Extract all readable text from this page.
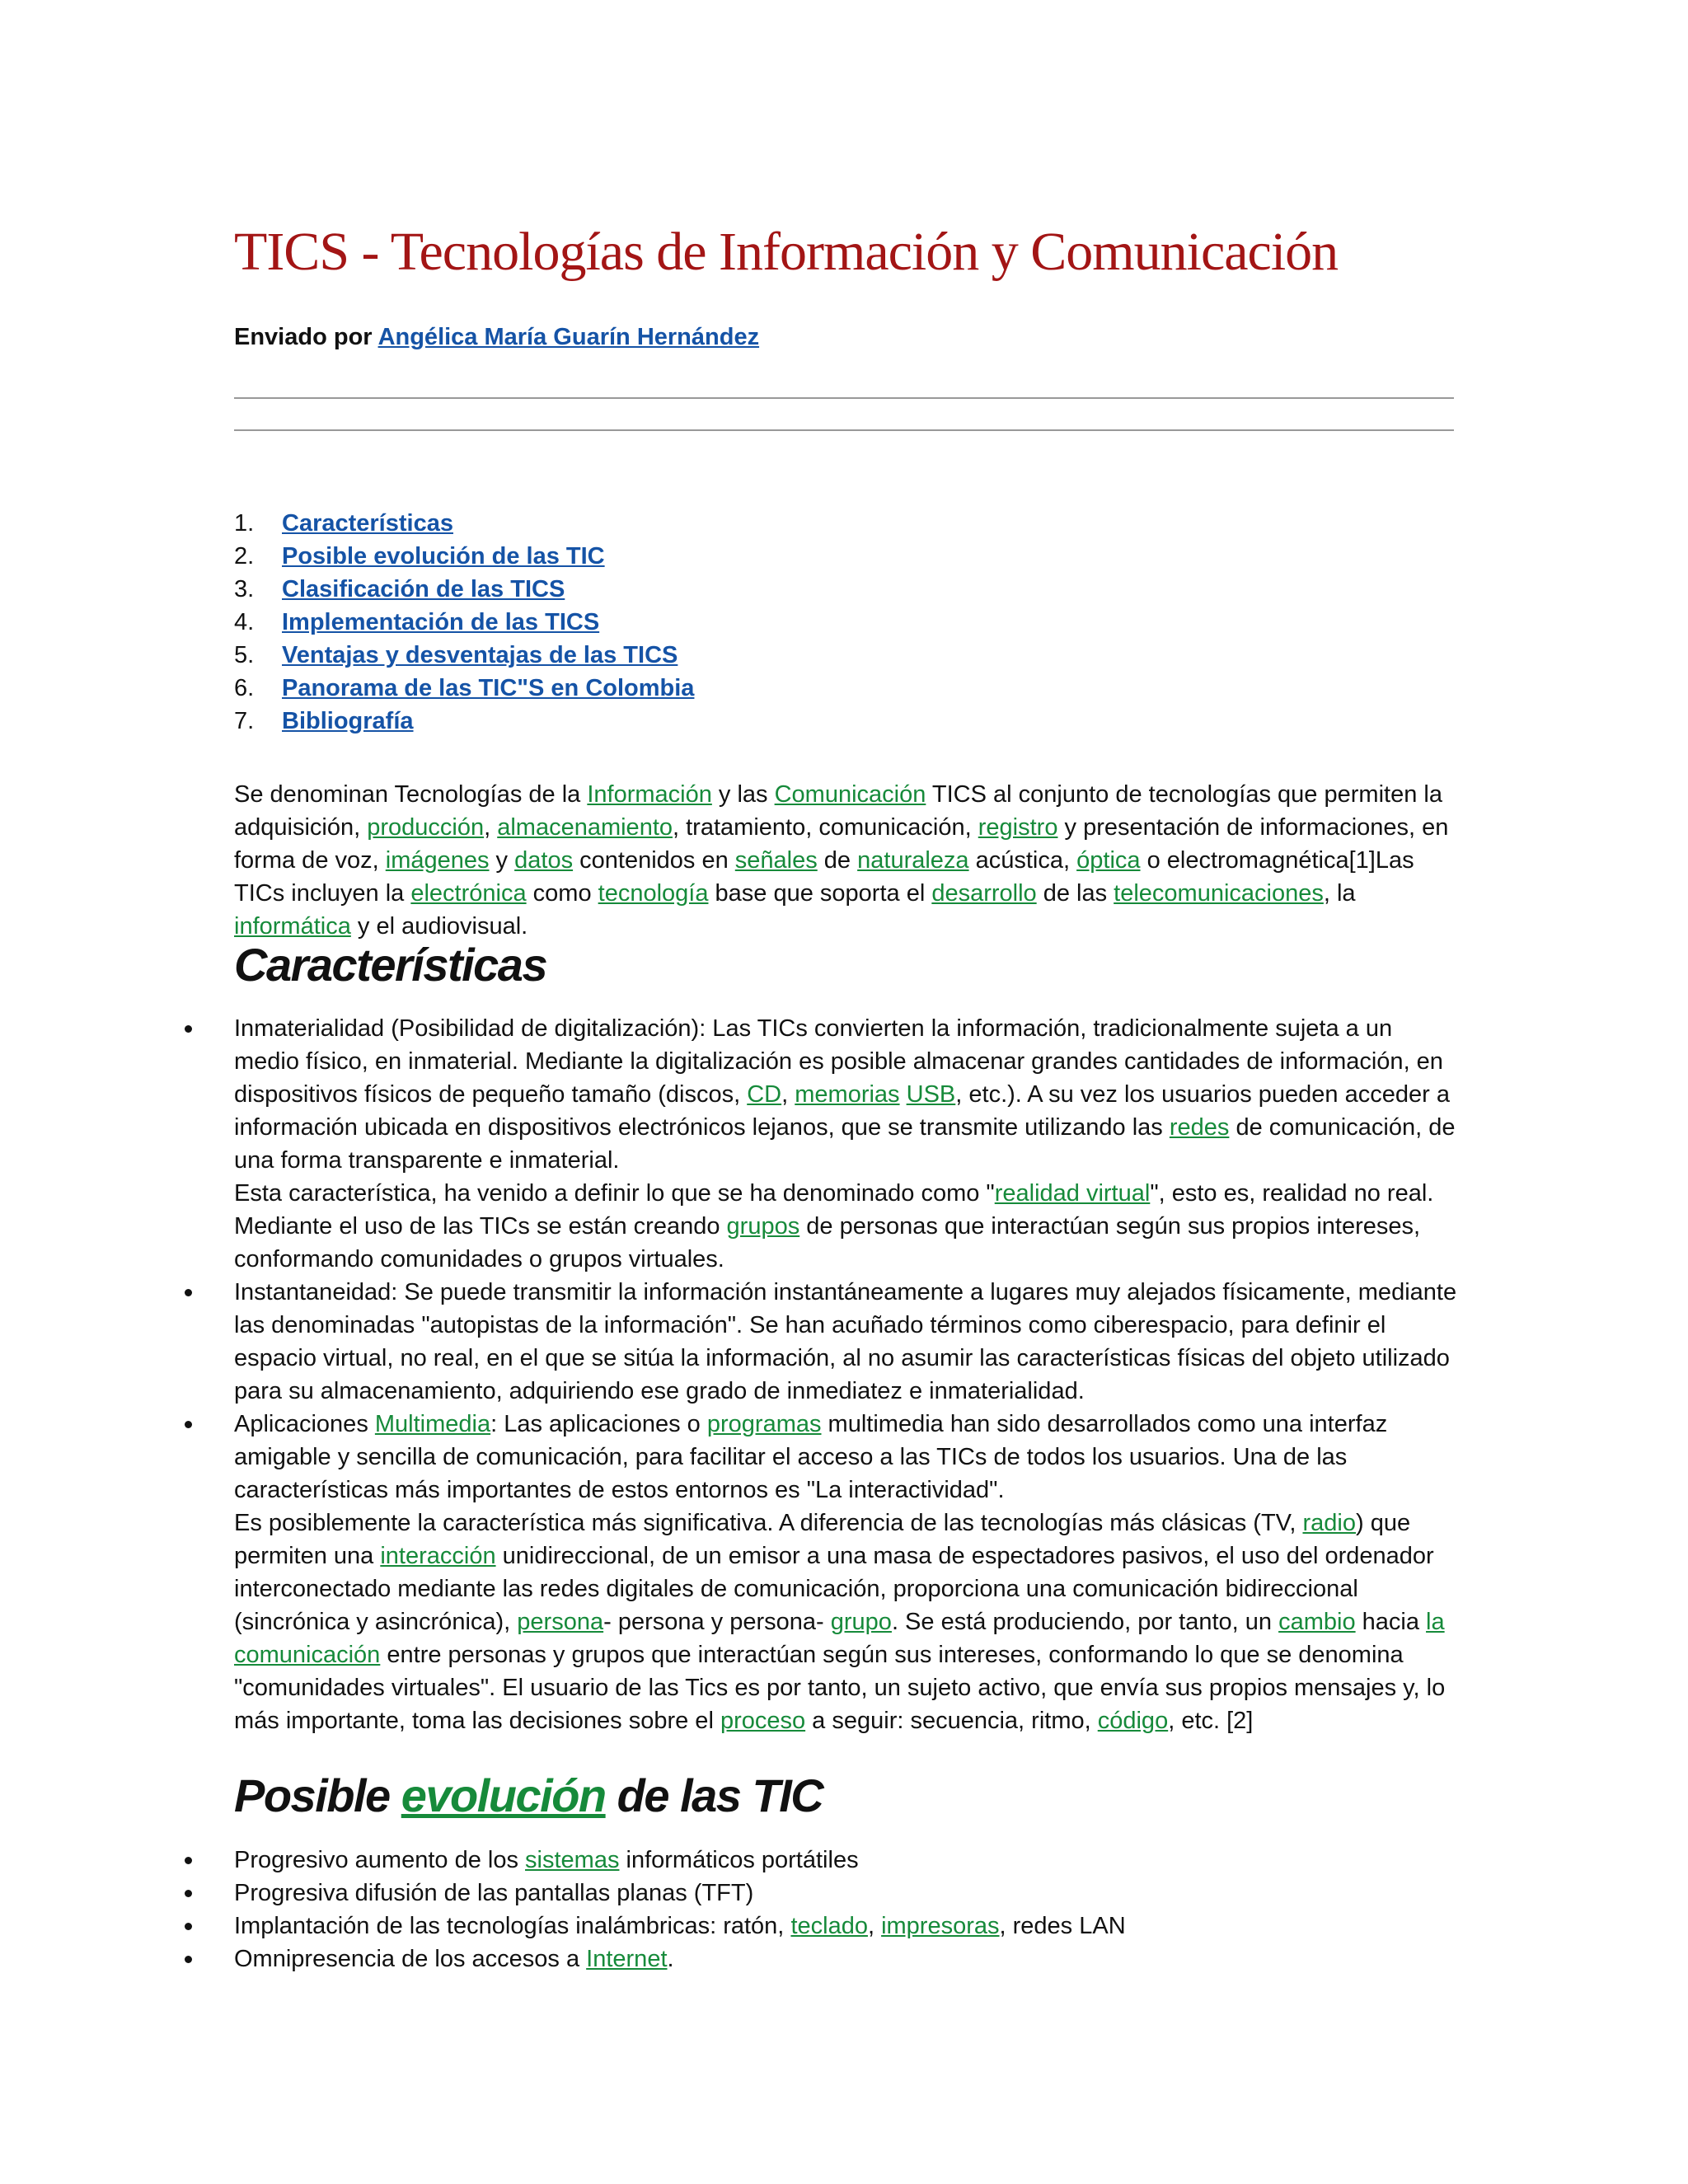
TICS - Tecnologías de Información y Comunicación
Enviado por Angélica María Guarín Hernández
1.	Características
2.	Posible evolución de las TIC
3.	Clasificación de las TICS
4.	Implementación de las TICS
5.	Ventajas y desventajas de las TICS
6.	Panorama de las TIC"S en Colombia
7.	Bibliografía

Se denominan Tecnologías de la Información y las Comunicación TICS al conjunto de tecnologías que permiten la adquisición, producción, almacenamiento, tratamiento, comunicación, registro y presentación de informaciones, en forma de voz, imágenes y datos contenidos en señales de naturaleza acústica, óptica o electromagnética[1]Las TICs incluyen la electrónica como tecnología base que soporta el desarrollo de las telecomunicaciones, la informática y el audiovisual.

Características
Inmaterialidad (Posibilidad de digitalización): Las TICs convierten la información, tradicionalmente sujeta a un medio físico, en inmaterial. Mediante la digitalización es posible almacenar grandes cantidades de información, en dispositivos físicos de pequeño tamaño (discos, CD, memorias USB, etc.). A su vez los usuarios pueden acceder a información ubicada en dispositivos electrónicos lejanos, que se transmite utilizando las redes de comunicación, de una forma transparente e inmaterial.
Esta característica, ha venido a definir lo que se ha denominado como "realidad virtual", esto es, realidad no real. Mediante el uso de las TICs se están creando grupos de personas que interactúan según sus propios intereses, conformando comunidades o grupos virtuales.
Instantaneidad: Se puede transmitir la información instantáneamente a lugares muy alejados físicamente, mediante las denominadas "autopistas de la información". Se han acuñado términos como ciberespacio, para definir el espacio virtual, no real, en el que se sitúa la información, al no asumir las características físicas del objeto utilizado para su almacenamiento, adquiriendo ese grado de inmediatez e inmaterialidad.
Aplicaciones Multimedia: Las aplicaciones o programas multimedia han sido desarrollados como una interfaz amigable y sencilla de comunicación, para facilitar el acceso a las TICs de todos los usuarios. Una de las características más importantes de estos entornos es "La interactividad".
Es posiblemente la característica más significativa. A diferencia de las tecnologías más clásicas (TV, radio) que permiten una interacción unidireccional, de un emisor a una masa de espectadores pasivos, el uso del ordenador interconectado mediante las redes digitales de comunicación, proporciona una comunicación bidireccional (sincrónica y asincrónica), persona- persona y persona- grupo. Se está produciendo, por tanto, un cambio hacia la comunicación entre personas y grupos que interactúan según sus intereses, conformando lo que se denomina "comunidades virtuales". El usuario de las Tics es por tanto, un sujeto activo, que envía sus propios mensajes y, lo más importante, toma las decisiones sobre el proceso a seguir: secuencia, ritmo, código, etc. [2]
Posible evolución de las TIC
Progresivo aumento de los sistemas informáticos portátiles
Progresiva difusión de las pantallas planas (TFT)
Implantación de las tecnologías inalámbricas: ratón, teclado, impresoras, redes LAN
Omnipresencia de los accesos a Internet.
